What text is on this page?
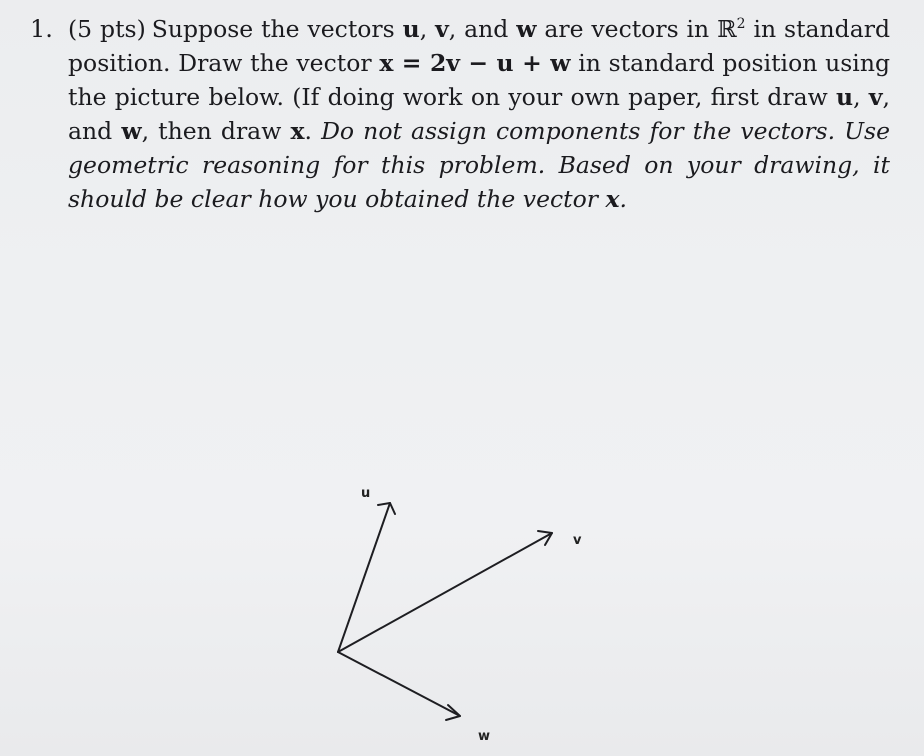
1. (5 pts) Suppose the vectors u, v, and w are vectors in ℝ$^2$ in standard position. Draw the vector x = 2v − u + w in standard position using the picture below. (If doing work on your own paper, first draw u, v, and w, then draw x. Do not assign components for the vectors. Use geometric reasoning for this problem. Based on your drawing, it should be clear how you obtained the vector x.
u
v
w
